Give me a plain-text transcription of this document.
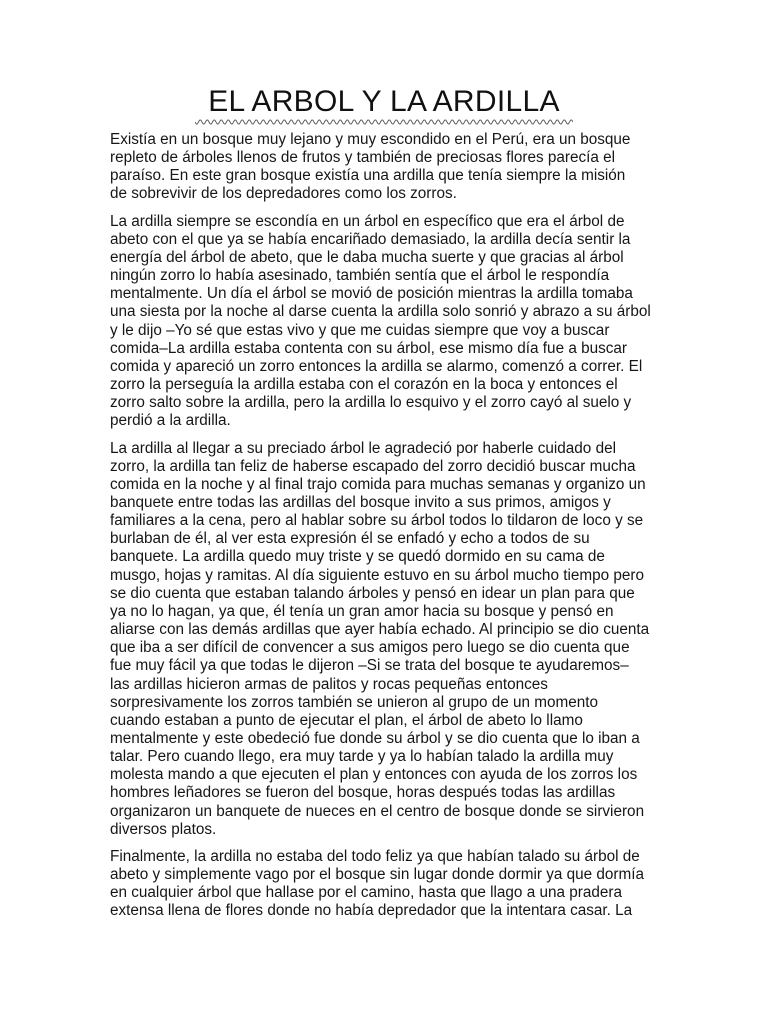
EL ARBOL Y LA ARDILLA

Existía en un bosque muy lejano y muy escondido en el Perú, era un bosque
repleto de árboles llenos de frutos y también de preciosas flores parecía el
paraíso. En este gran bosque existía una ardilla que tenía siempre la misión
de sobrevivir de los depredadores como los zorros.

La ardilla siempre se escondía en un árbol en específico que era el árbol de
abeto con el que ya se había encariñado demasiado, la ardilla decía sentir la
energía del árbol de abeto, que le daba mucha suerte y que gracias al árbol
ningún zorro lo había asesinado, también sentía que el árbol le respondía
mentalmente. Un día el árbol se movió de posición mientras la ardilla tomaba
una siesta por la noche al darse cuenta la ardilla solo sonrió y abrazo a su árbol
y le dijo –Yo sé que estas vivo y que me cuidas siempre que voy a buscar
comida–La ardilla estaba contenta con su árbol, ese mismo día fue a buscar
comida y apareció un zorro entonces la ardilla se alarmo, comenzó a correr. El
zorro la perseguía la ardilla estaba con el corazón en la boca y entonces el
zorro salto sobre la ardilla, pero la ardilla lo esquivo y el zorro cayó al suelo y
perdió a la ardilla.

La ardilla al llegar a su preciado árbol le agradeció por haberle cuidado del
zorro, la ardilla tan feliz de haberse escapado del zorro decidió buscar mucha
comida en la noche y al final trajo comida para muchas semanas y organizo un
banquete entre todas las ardillas del bosque invito a sus primos, amigos y
familiares a la cena, pero al hablar sobre su árbol todos lo tildaron de loco y se
burlaban de él, al ver esta expresión él se enfadó y echo a todos de su
banquete. La ardilla quedo muy triste y se quedó dormido en su cama de
musgo, hojas y ramitas. Al día siguiente estuvo en su árbol mucho tiempo pero
se dio cuenta que estaban talando árboles y pensó en idear un plan para que
ya no lo hagan, ya que, él tenía un gran amor hacia su bosque y pensó en
aliarse con las demás ardillas que ayer había echado. Al principio se dio cuenta
que iba a ser difícil de convencer a sus amigos pero luego se dio cuenta que
fue muy fácil ya que todas le dijeron –Si se trata del bosque te ayudaremos–
las ardillas hicieron armas de palitos y rocas pequeñas entonces
sorpresivamente los zorros también se unieron al grupo de un momento
cuando estaban a punto de ejecutar el plan, el árbol de abeto lo llamo
mentalmente y este obedeció fue donde su árbol y se dio cuenta que lo iban a
talar. Pero cuando llego, era muy tarde y ya lo habían talado la ardilla muy
molesta mando a que ejecuten el plan y entonces con ayuda de los zorros los
hombres leñadores se fueron del bosque, horas después todas las ardillas
organizaron un banquete de nueces en el centro de bosque donde se sirvieron
diversos platos.

Finalmente, la ardilla no estaba del todo feliz ya que habían talado su árbol de
abeto y simplemente vago por el bosque sin lugar donde dormir ya que dormía
en cualquier árbol que hallase por el camino, hasta que llago a una pradera
extensa llena de flores donde no había depredador que la intentara casar. La
